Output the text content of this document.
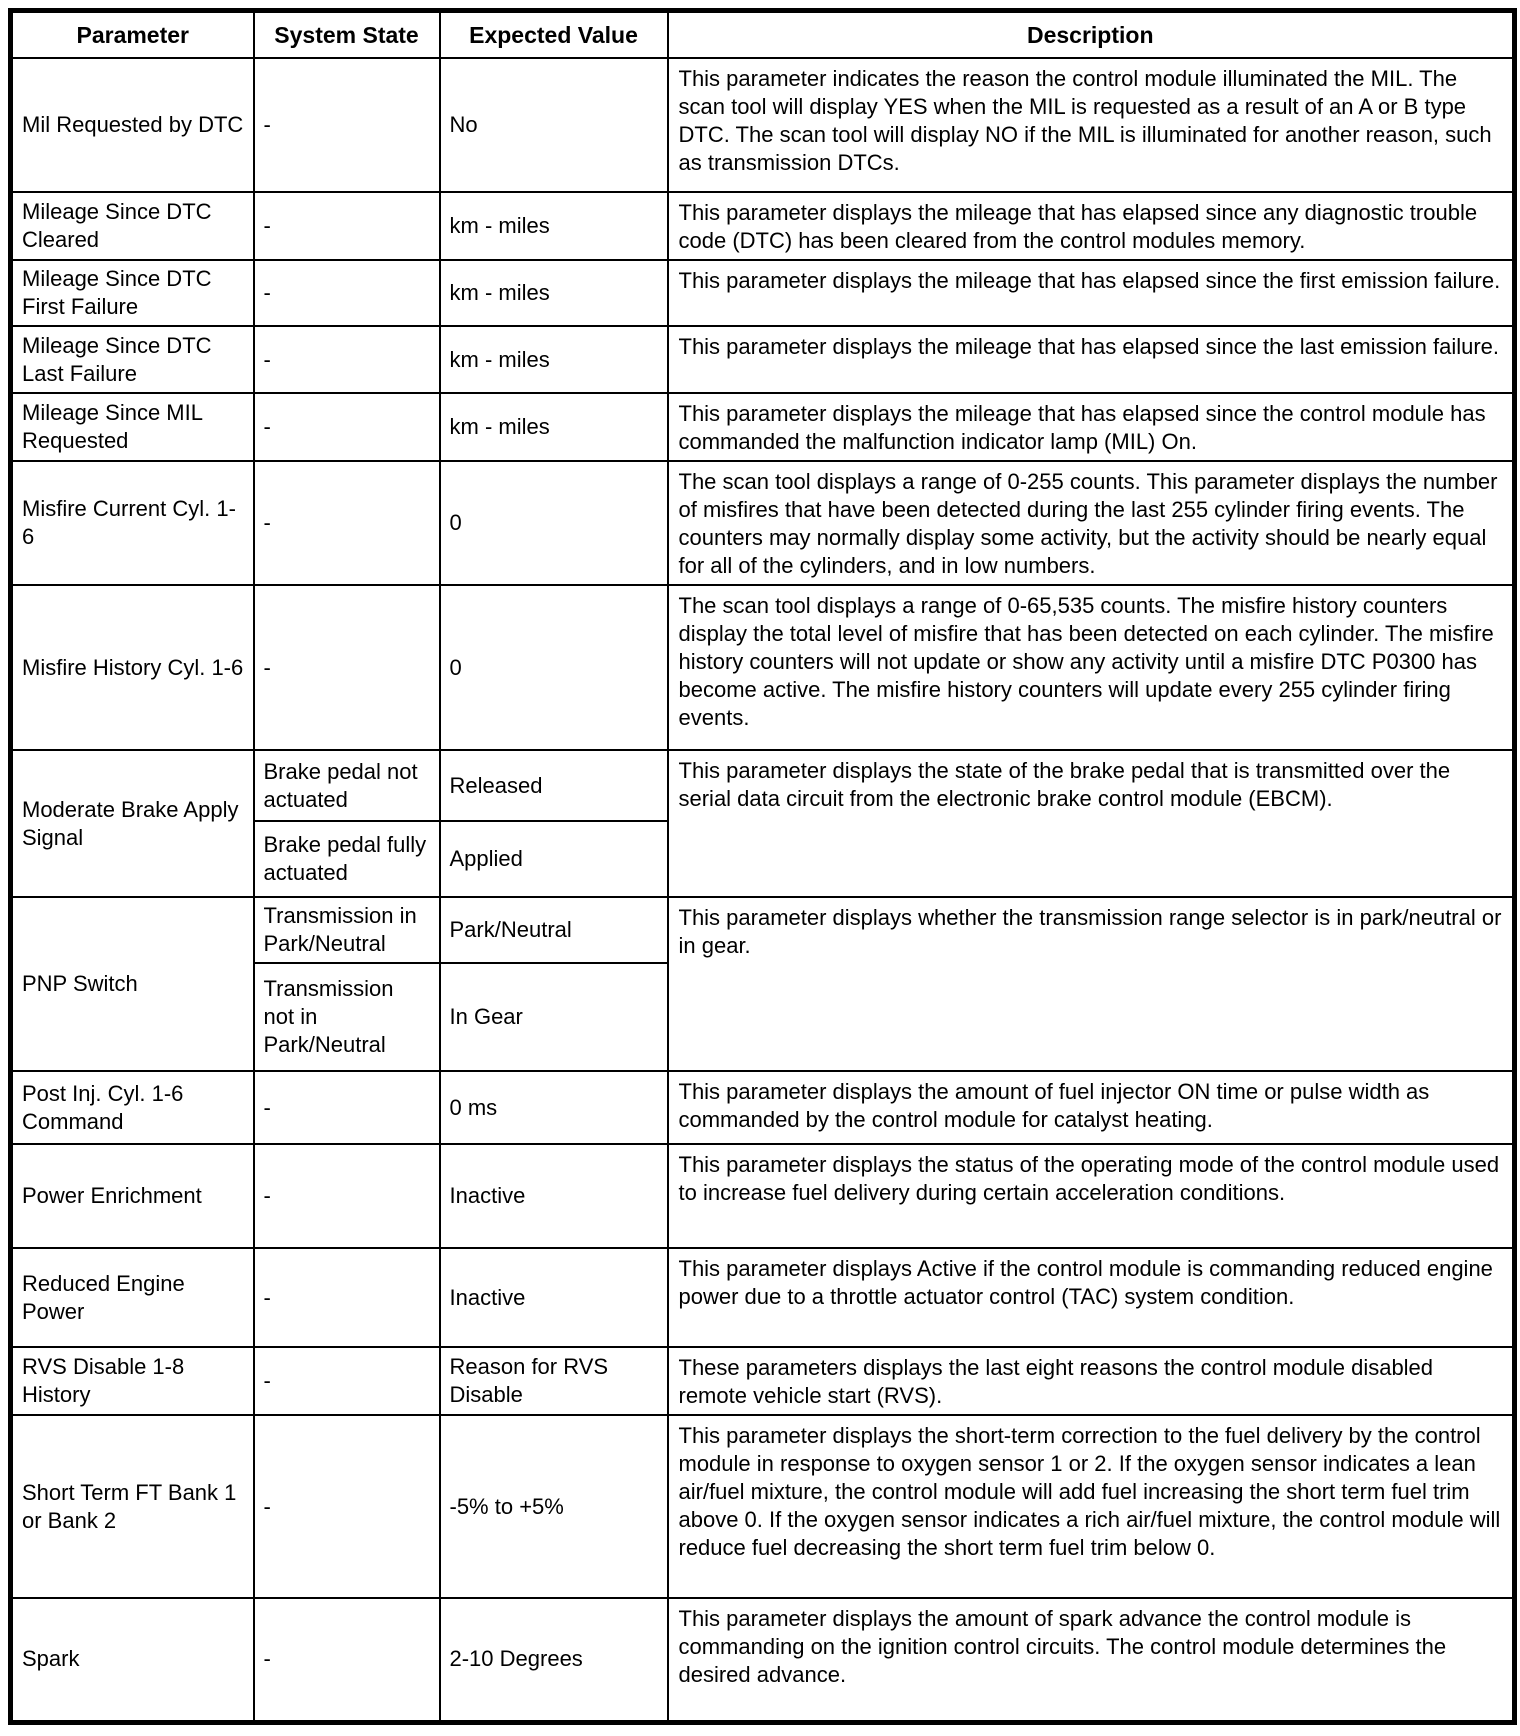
Parameter	System State	Expected Value	Description
Mil Requested by DTC	-	No	This parameter indicates the reason the control module illuminated the MIL. The scan tool will display YES when the MIL is requested as a result of an A or B type DTC. The scan tool will display NO if the MIL is illuminated for another reason, such as transmission DTCs.
Mileage Since DTC Cleared	-	km - miles	This parameter displays the mileage that has elapsed since any diagnostic trouble code (DTC) has been cleared from the control modules memory.
Mileage Since DTC First Failure	-	km - miles	This parameter displays the mileage that has elapsed since the first emission failure.
Mileage Since DTC Last Failure	-	km - miles	This parameter displays the mileage that has elapsed since the last emission failure.
Mileage Since MIL Requested	-	km - miles	This parameter displays the mileage that has elapsed since the control module has commanded the malfunction indicator lamp (MIL) On.
Misfire Current Cyl. 1-6	-	0	The scan tool displays a range of 0-255 counts. This parameter displays the number of misfires that have been detected during the last 255 cylinder firing events. The counters may normally display some activity, but the activity should be nearly equal for all of the cylinders, and in low numbers.
Misfire History Cyl. 1-6	-	0	The scan tool displays a range of 0-65,535 counts. The misfire history counters display the total level of misfire that has been detected on each cylinder. The misfire history counters will not update or show any activity until a misfire DTC P0300 has become active. The misfire history counters will update every 255 cylinder firing events.
Moderate Brake Apply Signal	Brake pedal not actuated	Released	This parameter displays the state of the brake pedal that is transmitted over the serial data circuit from the electronic brake control module (EBCM).
	Brake pedal fully actuated	Applied	
PNP Switch	Transmission in Park/Neutral	Park/Neutral	This parameter displays whether the transmission range selector is in park/neutral or in gear.
	Transmission not in Park/Neutral	In Gear	
Post Inj. Cyl. 1-6 Command	-	0 ms	This parameter displays the amount of fuel injector ON time or pulse width as commanded by the control module for catalyst heating.
Power Enrichment	-	Inactive	This parameter displays the status of the operating mode of the control module used to increase fuel delivery during certain acceleration conditions.
Reduced Engine Power	-	Inactive	This parameter displays Active if the control module is commanding reduced engine power due to a throttle actuator control (TAC) system condition.
RVS Disable 1-8 History	-	Reason for RVS Disable	These parameters displays the last eight reasons the control module disabled remote vehicle start (RVS).
Short Term FT Bank 1 or Bank 2	-	-5% to +5%	This parameter displays the short-term correction to the fuel delivery by the control module in response to oxygen sensor 1 or 2. If the oxygen sensor indicates a lean air/fuel mixture, the control module will add fuel increasing the short term fuel trim above 0. If the oxygen sensor indicates a rich air/fuel mixture, the control module will reduce fuel decreasing the short term fuel trim below 0.
Spark	-	2-10 Degrees	This parameter displays the amount of spark advance the control module is commanding on the ignition control circuits. The control module determines the desired advance.
